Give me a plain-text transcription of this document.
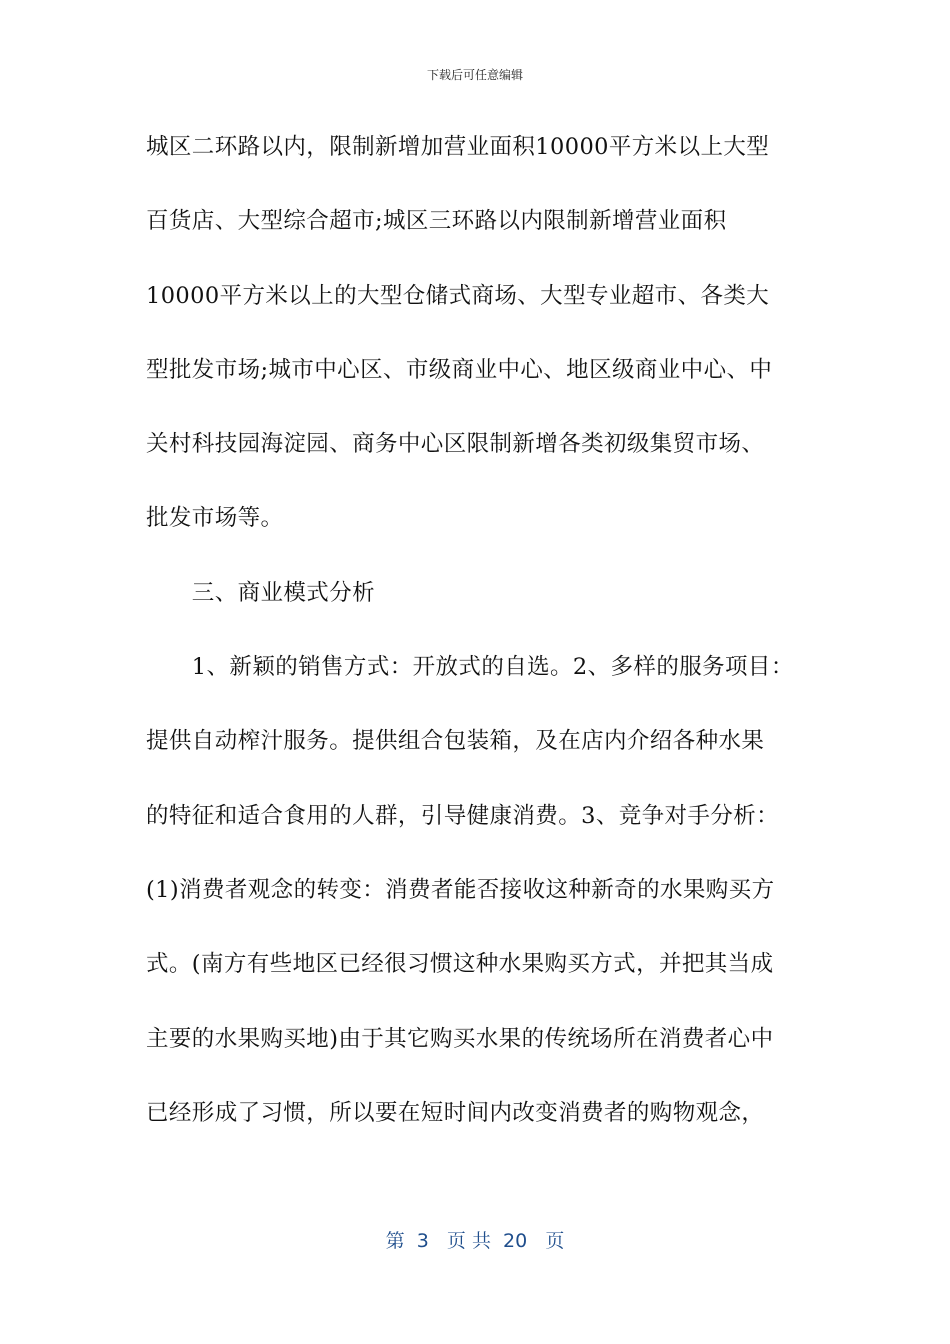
下载后可任意编辑
城区二环路以内，限制新增加营业面积10000平方米以上大型
百货店、大型综合超市;城区三环路以内限制新增营业面积
10000平方米以上的大型仓储式商场、大型专业超市、各类大
型批发市场;城市中心区、市级商业中心、地区级商业中心、中
关村科技园海淀园、商务中心区限制新增各类初级集贸市场、
批发市场等。
　　三、商业模式分析
　　1、新颖的销售方式：开放式的自选。2、多样的服务项目：
提供自动榨汁服务。提供组合包装箱，及在店内介绍各种水果
的特征和适合食用的人群，引导健康消费。3、竞争对手分析：
(1)消费者观念的转变：消费者能否接收这种新奇的水果购买方
式。(南方有些地区已经很习惯这种水果购买方式，并把其当成
主要的水果购买地)由于其它购买水果的传统场所在消费者心中
已经形成了习惯，所以要在短时间内改变消费者的购物观念，
第  3   页 共  20   页
